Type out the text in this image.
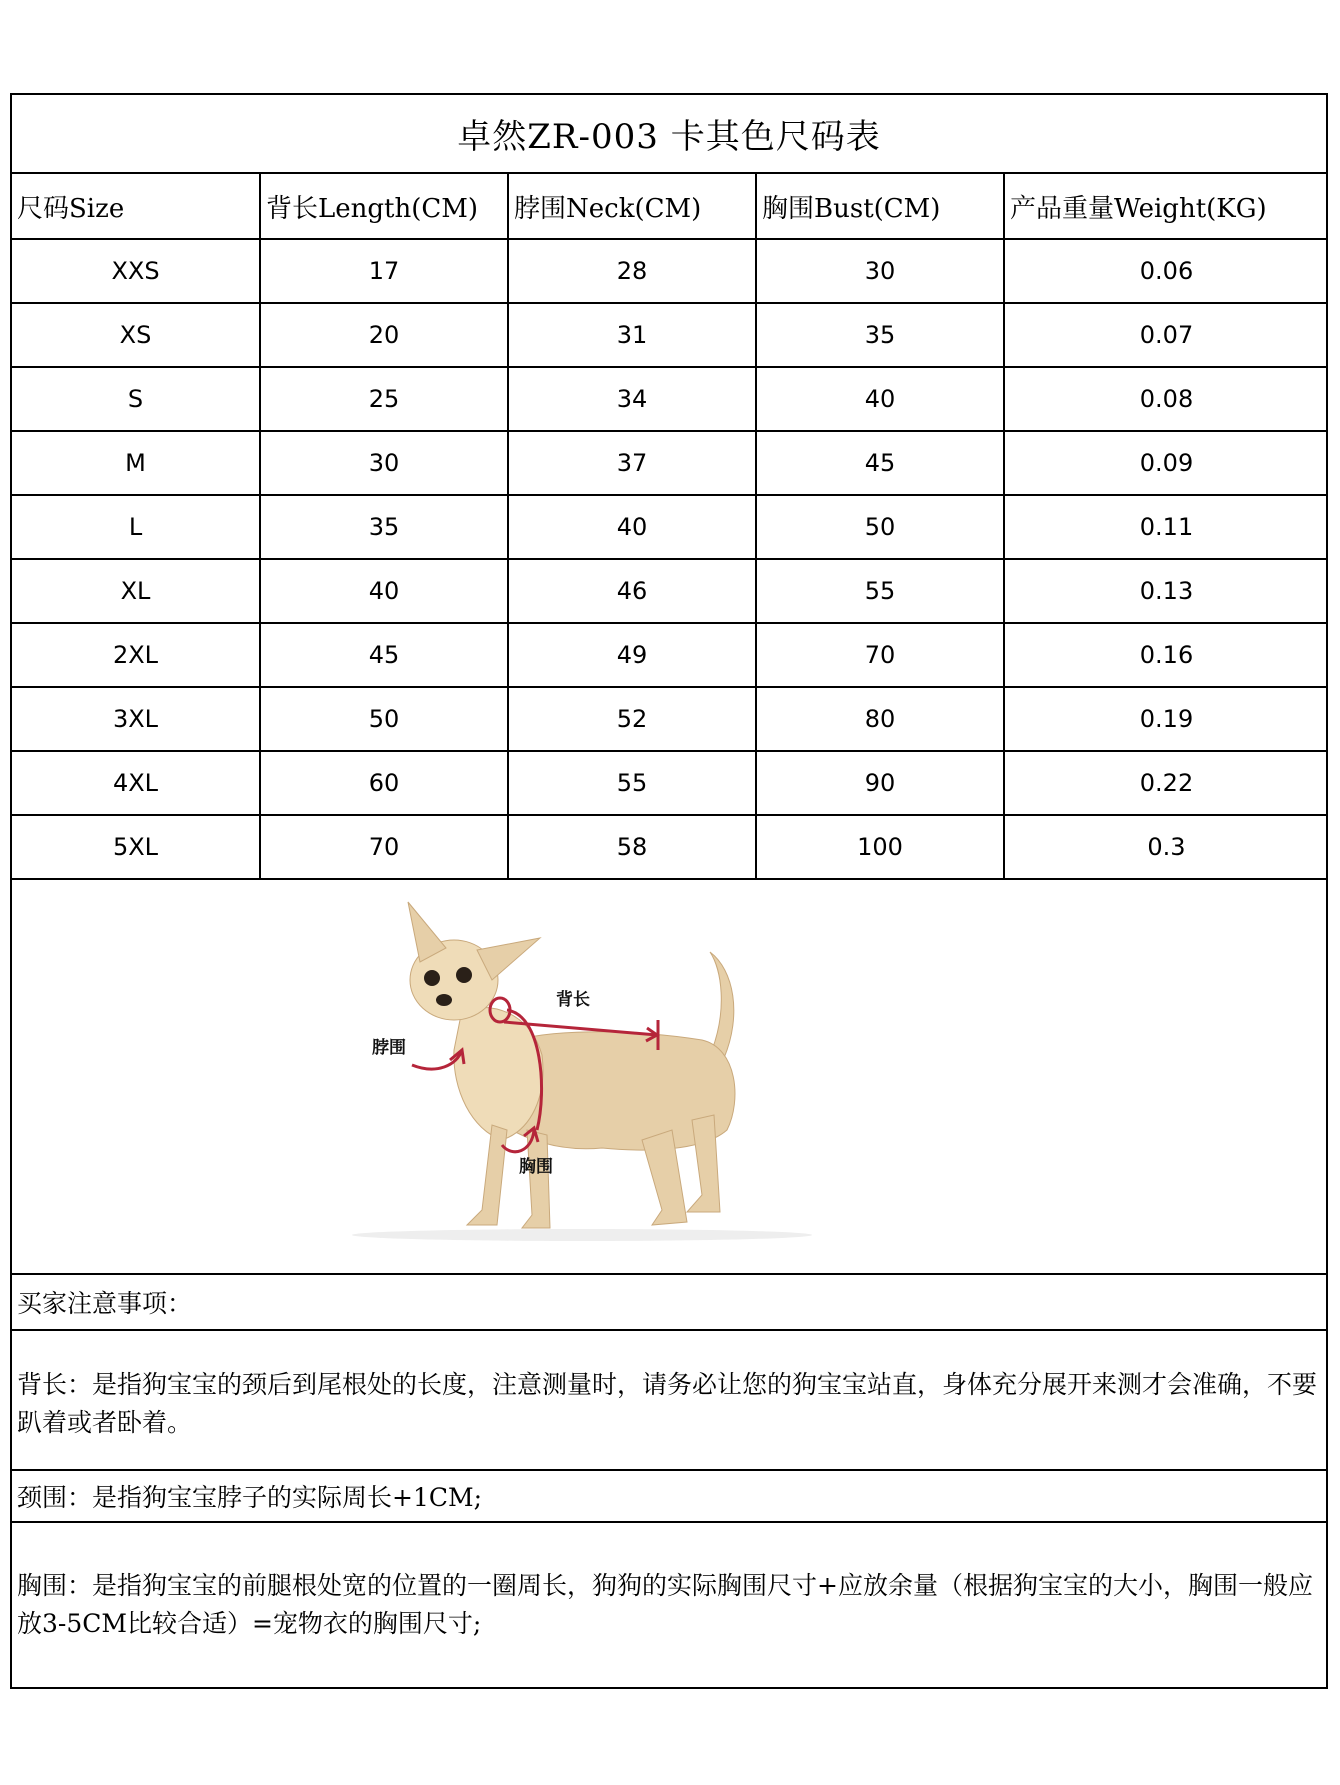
卓然ZR-003 卡其色尺码表
尺码Size	背长Length(CM)	脖围Neck(CM)	胸围Bust(CM)	产品重量Weight(KG)
XXS	17	28	30	0.06
XS	20	31	35	0.07
S	25	34	40	0.08
M	30	37	45	0.09
L	35	40	50	0.11
XL	40	46	55	0.13
2XL	45	49	70	0.16
3XL	50	52	80	0.19
4XL	60	55	90	0.22
5XL	70	58	100	0.3
背长
脖围
胸围
买家注意事项：
背长：是指狗宝宝的颈后到尾根处的长度，注意测量时，请务必让您的狗宝宝站直，身体充分展开来测才会准确，不要趴着或者卧着。
颈围：是指狗宝宝脖子的实际周长+1CM;
胸围：是指狗宝宝的前腿根处宽的位置的一圈周长，狗狗的实际胸围尺寸+应放余量（根据狗宝宝的大小，胸围一般应放3-5CM比较合适）=宠物衣的胸围尺寸;
